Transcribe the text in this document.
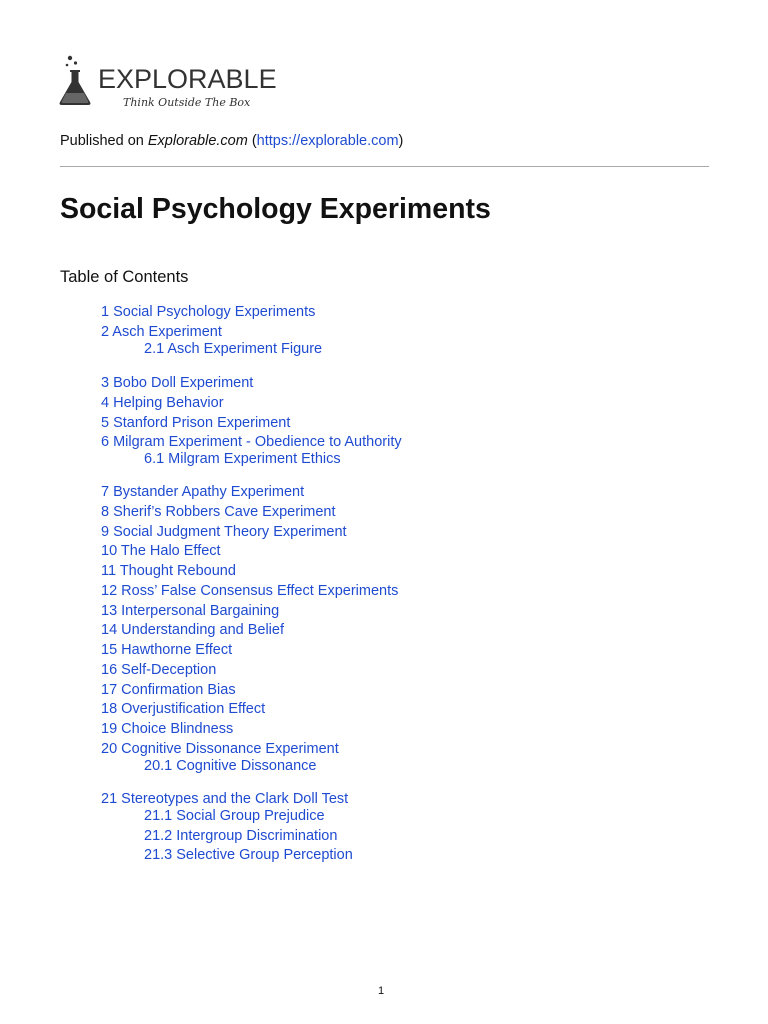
EXPLORABLE
Think Outside The Box
Published on Explorable.com (https://explorable.com)
Social Psychology Experiments
Table of Contents
1 Social Psychology Experiments
2 Asch Experiment
2.1 Asch Experiment Figure
3 Bobo Doll Experiment
4 Helping Behavior
5 Stanford Prison Experiment
6 Milgram Experiment - Obedience to Authority
6.1 Milgram Experiment Ethics
7 Bystander Apathy Experiment
8 Sherif’s Robbers Cave Experiment
9 Social Judgment Theory Experiment
10 The Halo Effect
11 Thought Rebound
12 Ross’ False Consensus Effect Experiments
13 Interpersonal Bargaining
14 Understanding and Belief
15 Hawthorne Effect
16 Self-Deception
17 Confirmation Bias
18 Overjustification Effect
19 Choice Blindness
20 Cognitive Dissonance Experiment
20.1 Cognitive Dissonance
21 Stereotypes and the Clark Doll Test
21.1 Social Group Prejudice
21.2 Intergroup Discrimination
21.3 Selective Group Perception
1
